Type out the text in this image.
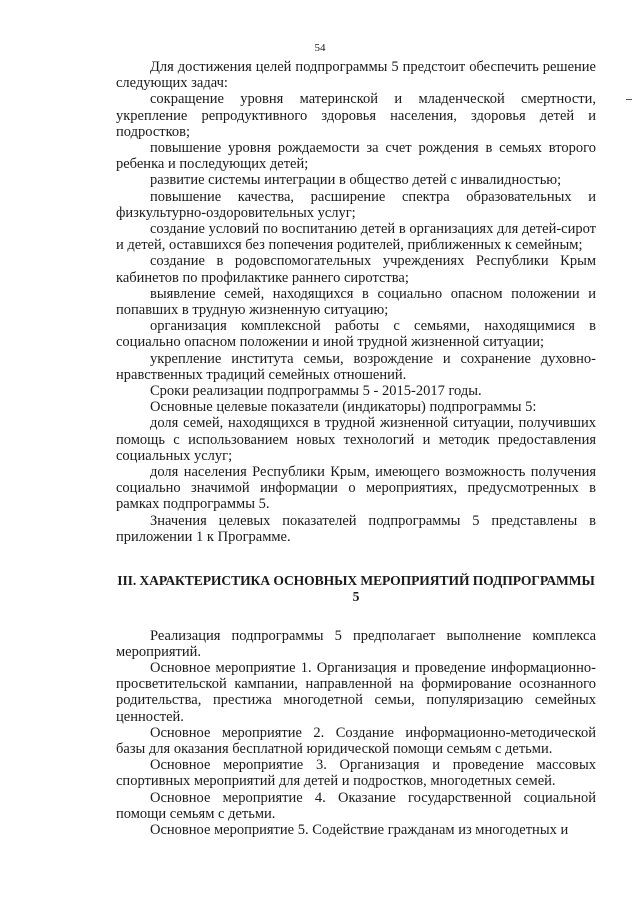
54

Для достижения целей подпрограммы 5 предстоит обеспечить решение следующих задач:

сокращение уровня материнской и младенческой смертности, укрепление репродуктивного здоровья населения, здоровья детей и подростков;

повышение уровня рождаемости за счет рождения в семьях второго ребенка и последующих детей;

развитие системы интеграции в общество детей с инвалидностью;

повышение качества, расширение спектра образовательных и физкультурно-оздоровительных услуг;

создание условий по воспитанию детей в организациях для детей-сирот и детей, оставшихся без попечения родителей, приближенных к семейным;

создание в родовспомогательных учреждениях Республики Крым кабинетов по профилактике раннего сиротства;

выявление семей, находящихся в социально опасном положении и попавших в трудную жизненную ситуацию;

организация комплексной работы с семьями, находящимися в социально опасном положении и иной трудной жизненной ситуации;

укрепление института семьи, возрождение и сохранение духовно-нравственных традиций семейных отношений.

Сроки реализации подпрограммы 5 - 2015-2017 годы.

Основные целевые показатели (индикаторы) подпрограммы 5:

доля семей, находящихся в трудной жизненной ситуации, получивших помощь с использованием новых технологий и методик предоставления социальных услуг;

доля населения Республики Крым, имеющего возможность получения социально значимой информации о мероприятиях, предусмотренных в рамках подпрограммы 5.

Значения целевых показателей подпрограммы 5 представлены в приложении 1 к Программе.

III. ХАРАКТЕРИСТИКА ОСНОВНЫХ МЕРОПРИЯТИЙ ПОДПРОГРАММЫ 5

Реализация подпрограммы 5 предполагает выполнение комплекса мероприятий.

Основное мероприятие 1. Организация и проведение информационно-просветительской кампании, направленной на формирование осознанного родительства, престижа многодетной семьи, популяризацию семейных ценностей.

Основное мероприятие 2. Создание информационно-методической базы для оказания бесплатной юридической помощи семьям с детьми.

Основное мероприятие 3. Организация и проведение массовых спортивных мероприятий для детей и подростков, многодетных семей.

Основное мероприятие 4. Оказание государственной социальной помощи семьям с детьми.

Основное мероприятие 5. Содействие гражданам из многодетных и
